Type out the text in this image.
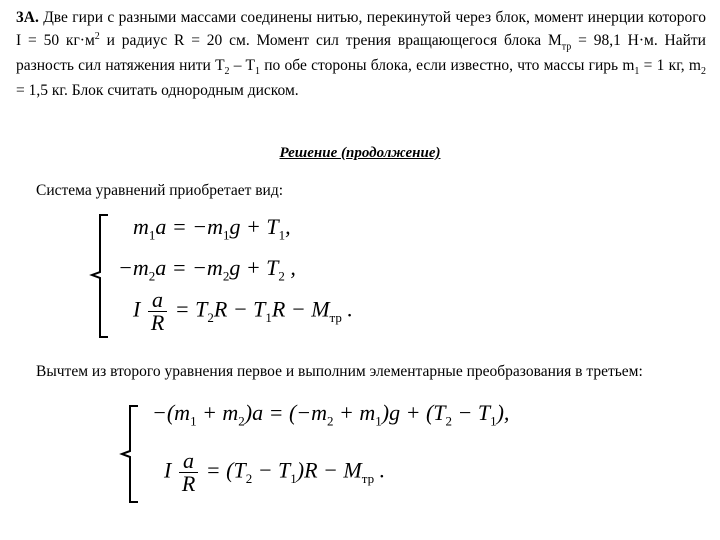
3А. Две гири с разными массами соединены нитью, перекинутой через блок, момент инерции которого I = 50 $кг\cdot м^2$ и радиус R = 20 см. Момент сил трения вращающегося блока $M_{тр} = 98,1$ Н·м. Найти разность сил натяжения нити $T_2 - T_1$ по обе стороны блока, если известно, что массы гирь $m_1 = 1$ кг, $m_2 = 1,5$ кг. Блок считать однородным диском.
Решение (продолжение)
Система уравнений приобретает вид:
$m_1a = -m_1g + T_1$,
$-m_2a = -m_2g + T_2$ ,
I $\frac{a}{R} = T_2R - T_1R - M_{тр}$ .
Вычтем из второго уравнения первое и выполним элементарные преобразования в третьем:
$-(m_1 + m_2)a = (-m_2 + m_1)g + (T_2 - T_1)$,
I $\frac{a}{R} = (T_2 - T_1)R - M_{тр}$ .
